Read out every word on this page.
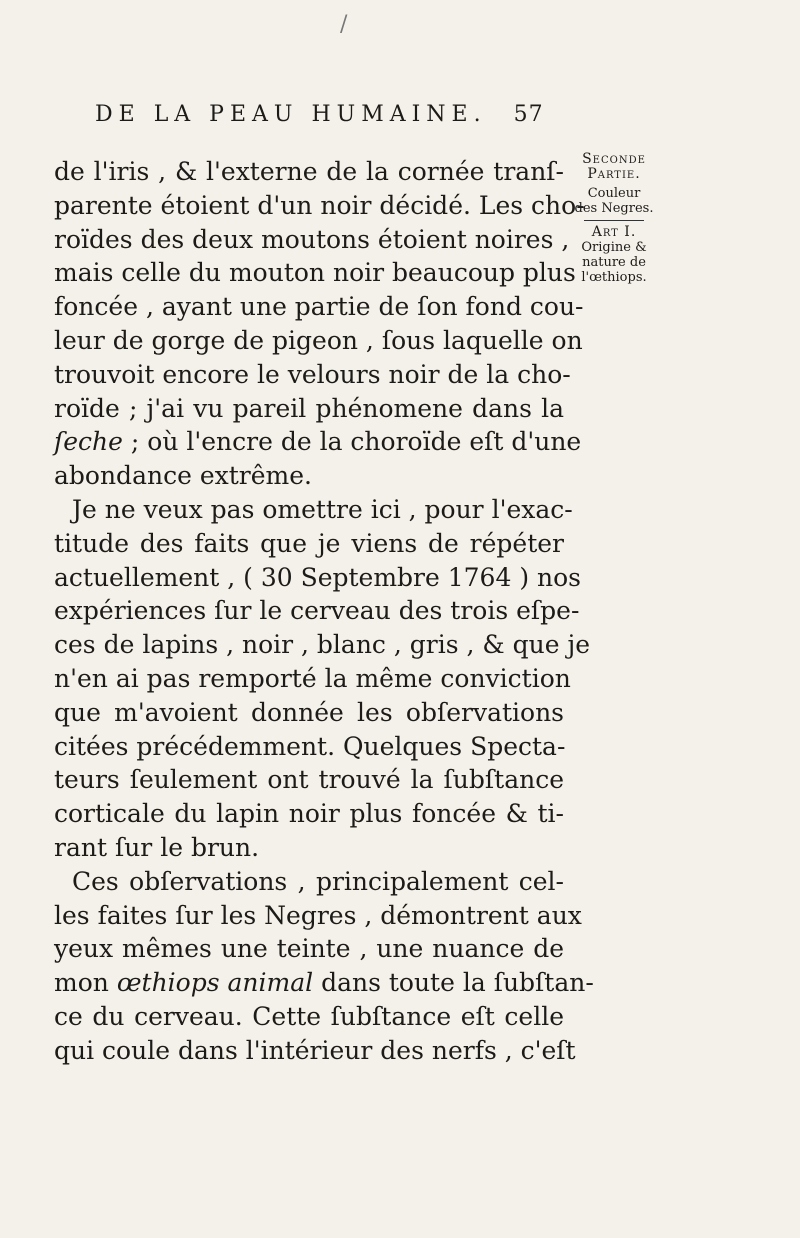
/
DE LA PEAU HUMAINE. 57
de l'iris , & l'externe de la cornée tranſ-
parente étoient d'un noir décidé. Les cho-
roïdes des deux moutons étoient noires ,
mais celle du mouton noir beaucoup plus
foncée , ayant une partie de ſon fond cou-
leur de gorge de pigeon , ſous laquelle on
trouvoit encore le velours noir de la cho-
roïde ; j'ai vu pareil phénomene dans la
ſeche ; où l'encre de la choroïde eſt d'une
abondance extrême.
Je ne veux pas omettre ici , pour l'exac-
titude des faits que je viens de répéter
actuellement , ( 30 Septembre 1764 ) nos
expériences ſur le cerveau des trois eſpe-
ces de lapins , noir , blanc , gris , & que je
n'en ai pas remporté la même conviction
que m'avoient donnée les obſervations
citées précédemment. Quelques Specta-
teurs ſeulement ont trouvé la ſubſtance
corticale du lapin noir plus foncée & ti-
rant ſur le brun.
Ces obſervations , principalement cel-
les faites ſur les Negres , démontrent aux
yeux mêmes une teinte , une nuance de
mon œthiops animal dans toute la ſubſtan-
ce du cerveau. Cette ſubſtance eſt celle
qui coule dans l'intérieur des nerfs , c'eſt
Seconde
Partie.
Couleur
des Negres.
Art I.
Origine &
nature de
l'œthiops.
